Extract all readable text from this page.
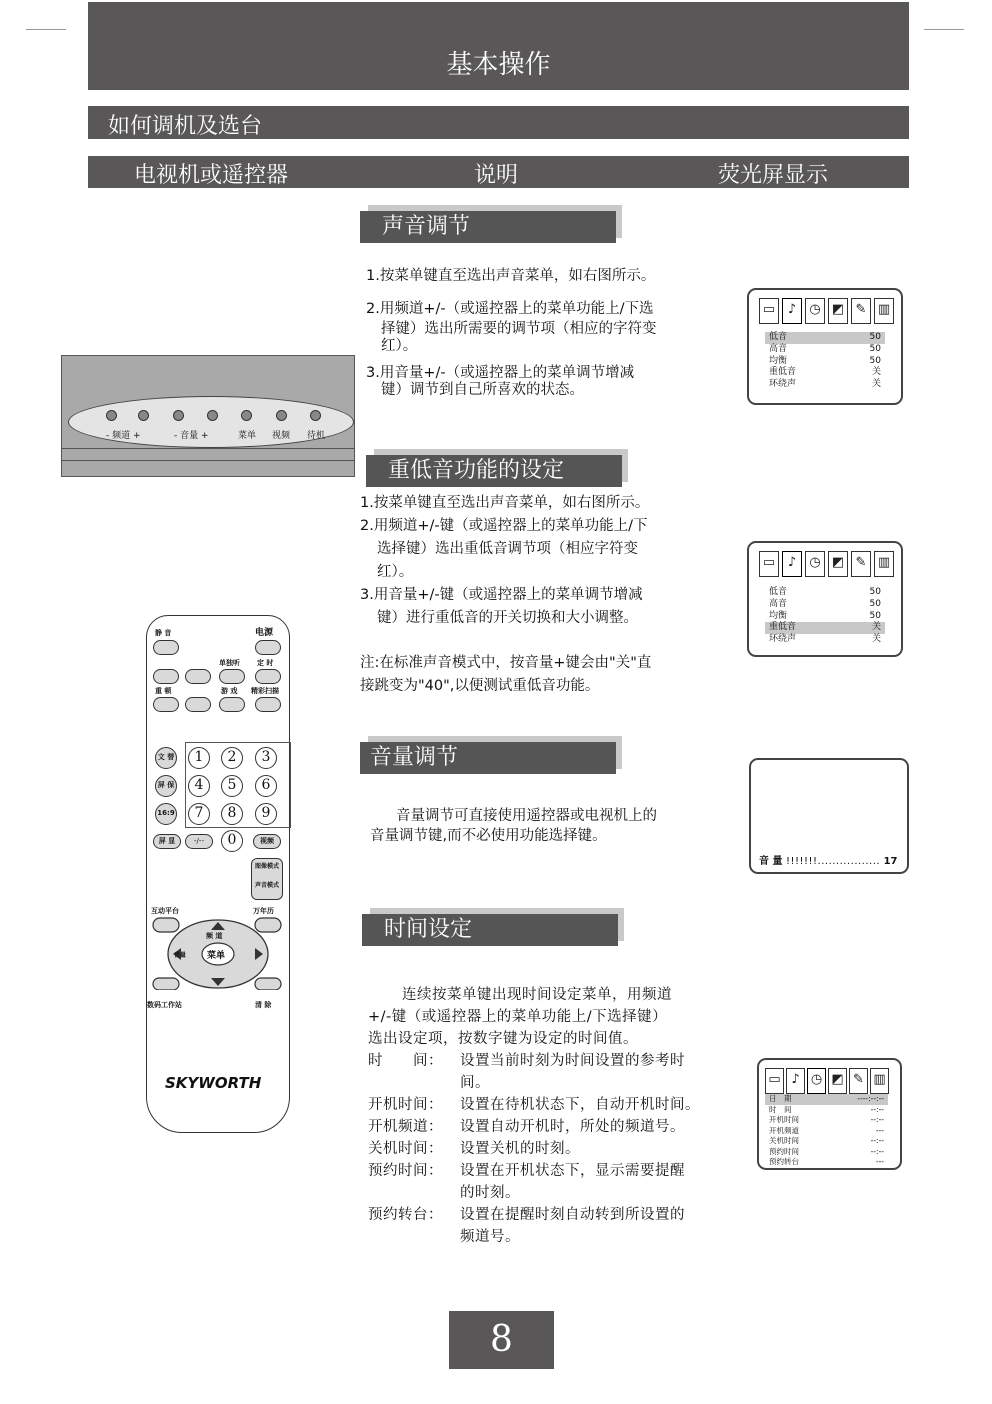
基本操作
如何调机及选台
电视机或遥控器	说明	荧光屏显示
- 频道 +	- 音量 +	菜单 视频 待机
静 音	电源
单独听 定 时
重 顿	游 戏 精彩扫描
文 替
屏 保
16:9
屏 显
1	2	3
4	5	6
7	8	9
-/--	0	视频
图像模式
声音模式
互动平台	万年历
频 道
音量 菜单
数码工作站	清 除
SKYWORTH
声音调节
1.按菜单键直至选出声音菜单，如右图所示。
2.用频道+/-（或遥控器上的菜单功能上/下选
择键）选出所需要的调节项（相应的字符变
红）。
3.用音量+/-（或遥控器上的菜单调节增减
键）调节到自己所喜欢的状态。
▭ ♪	◷ ◩ ✎ ▥
低音	50
高音	50
均衡	50
重低音	关
环绕声	关
重低音功能的设定
1.按菜单键直至选出声音菜单，如右图所示。
2.用频道+/-键（或遥控器上的菜单功能上/下
选择键）选出重低音调节项（相应字符变
红）。
3.用音量+/-键（或遥控器上的菜单调节增减
键）进行重低音的开关切换和大小调整。
注:在标准声音模式中，按音量+键会由"关"直
接跳变为"40",以便测试重低音功能。
▭ ♪	◷ ◩ ✎ ▥
低音	50
高音	50
均衡	50
重低音	关
环绕声	关
音量调节
音量调节可直接使用遥控器或电视机上的
音量调节键,而不必使用功能选择键。
音 量 !!!!!!!................. 17
时间设定
连续按菜单键出现时间设定菜单，用频道
+/-键（或遥控器上的菜单功能上/下选择键）
选出设定项，按数字键为设定的时间值。
时　　间：	设置当前时刻为时间设置的参考时
间。
开机时间：	设置在待机状态下，自动开机时间。
开机频道：	设置自动开机时，所处的频道号。
关机时间：	设置关机的时刻。
预约时间：	设置在开机状态下，显示需要提醒
的时刻。
预约转台：	设置在提醒时刻自动转到所设置的
频道号。
▭ ♪ ◷ ◩ ✎ ▥
日　期	----:--:--
时　间	--:--
开机时间	--:--
开机频道	---
关机时间	--:--
预约时间	--:--
预约转台	---
8
